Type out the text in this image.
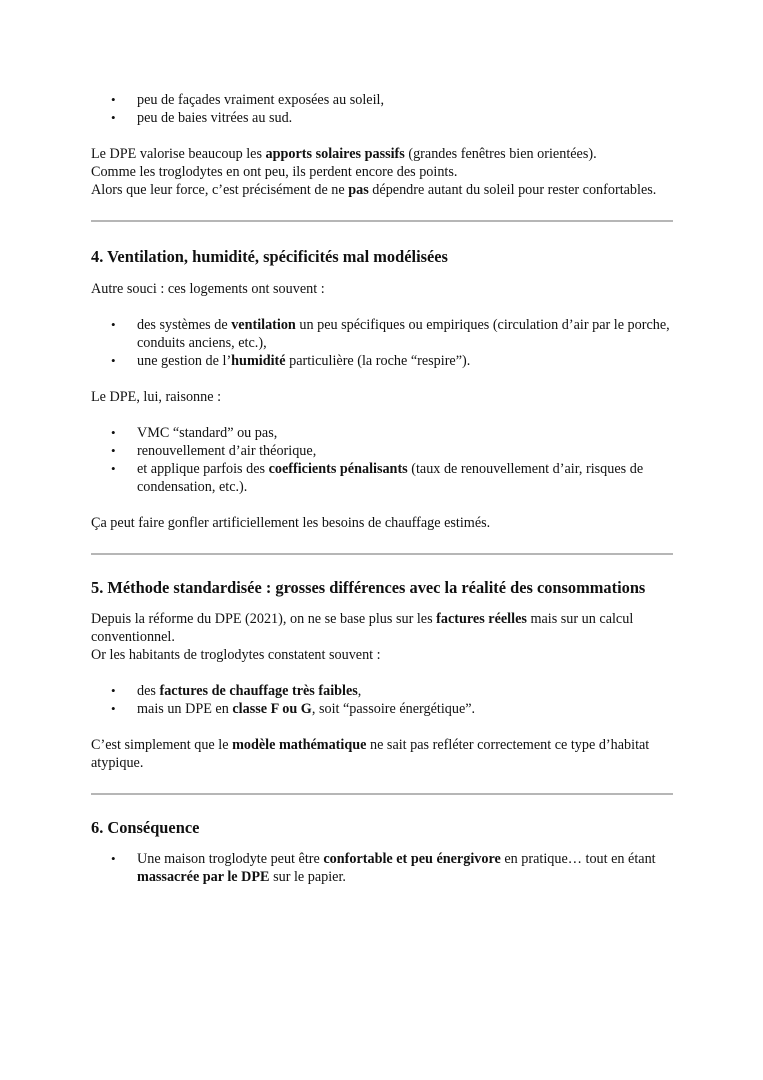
• peu de façades vraiment exposées au soleil,
• peu de baies vitrées au sud.

Le DPE valorise beaucoup les apports solaires passifs (grandes fenêtres bien orientées).

Comme les troglodytes en ont peu, ils perdent encore des points.

Alors que leur force, c’est précisément de ne pas dépendre autant du soleil pour rester confortables.

4. Ventilation, humidité, spécificités mal modélisées

Autre souci : ces logements ont souvent :

• des systèmes de ventilation un peu spécifiques ou empiriques (circulation d’air par le porche, conduits anciens, etc.),
• une gestion de l’humidité particulière (la roche “respire”).

Le DPE, lui, raisonne :

• VMC “standard” ou pas,
• renouvellement d’air théorique,
• et applique parfois des coefficients pénalisants (taux de renouvellement d’air, risques de condensation, etc.).

Ça peut faire gonfler artificiellement les besoins de chauffage estimés.

5. Méthode standardisée : grosses différences avec la réalité des consommations

Depuis la réforme du DPE (2021), on ne se base plus sur les factures réelles mais sur un calcul conventionnel.

Or les habitants de troglodytes constatent souvent :

• des factures de chauffage très faibles,
• mais un DPE en classe F ou G, soit “passoire énergétique”.

C’est simplement que le modèle mathématique ne sait pas refléter correctement ce type d’habitat atypique.

6. Conséquence
• Une maison troglodyte peut être confortable et peu énergivore en pratique… tout en étant massacrée par le DPE sur le papier.
